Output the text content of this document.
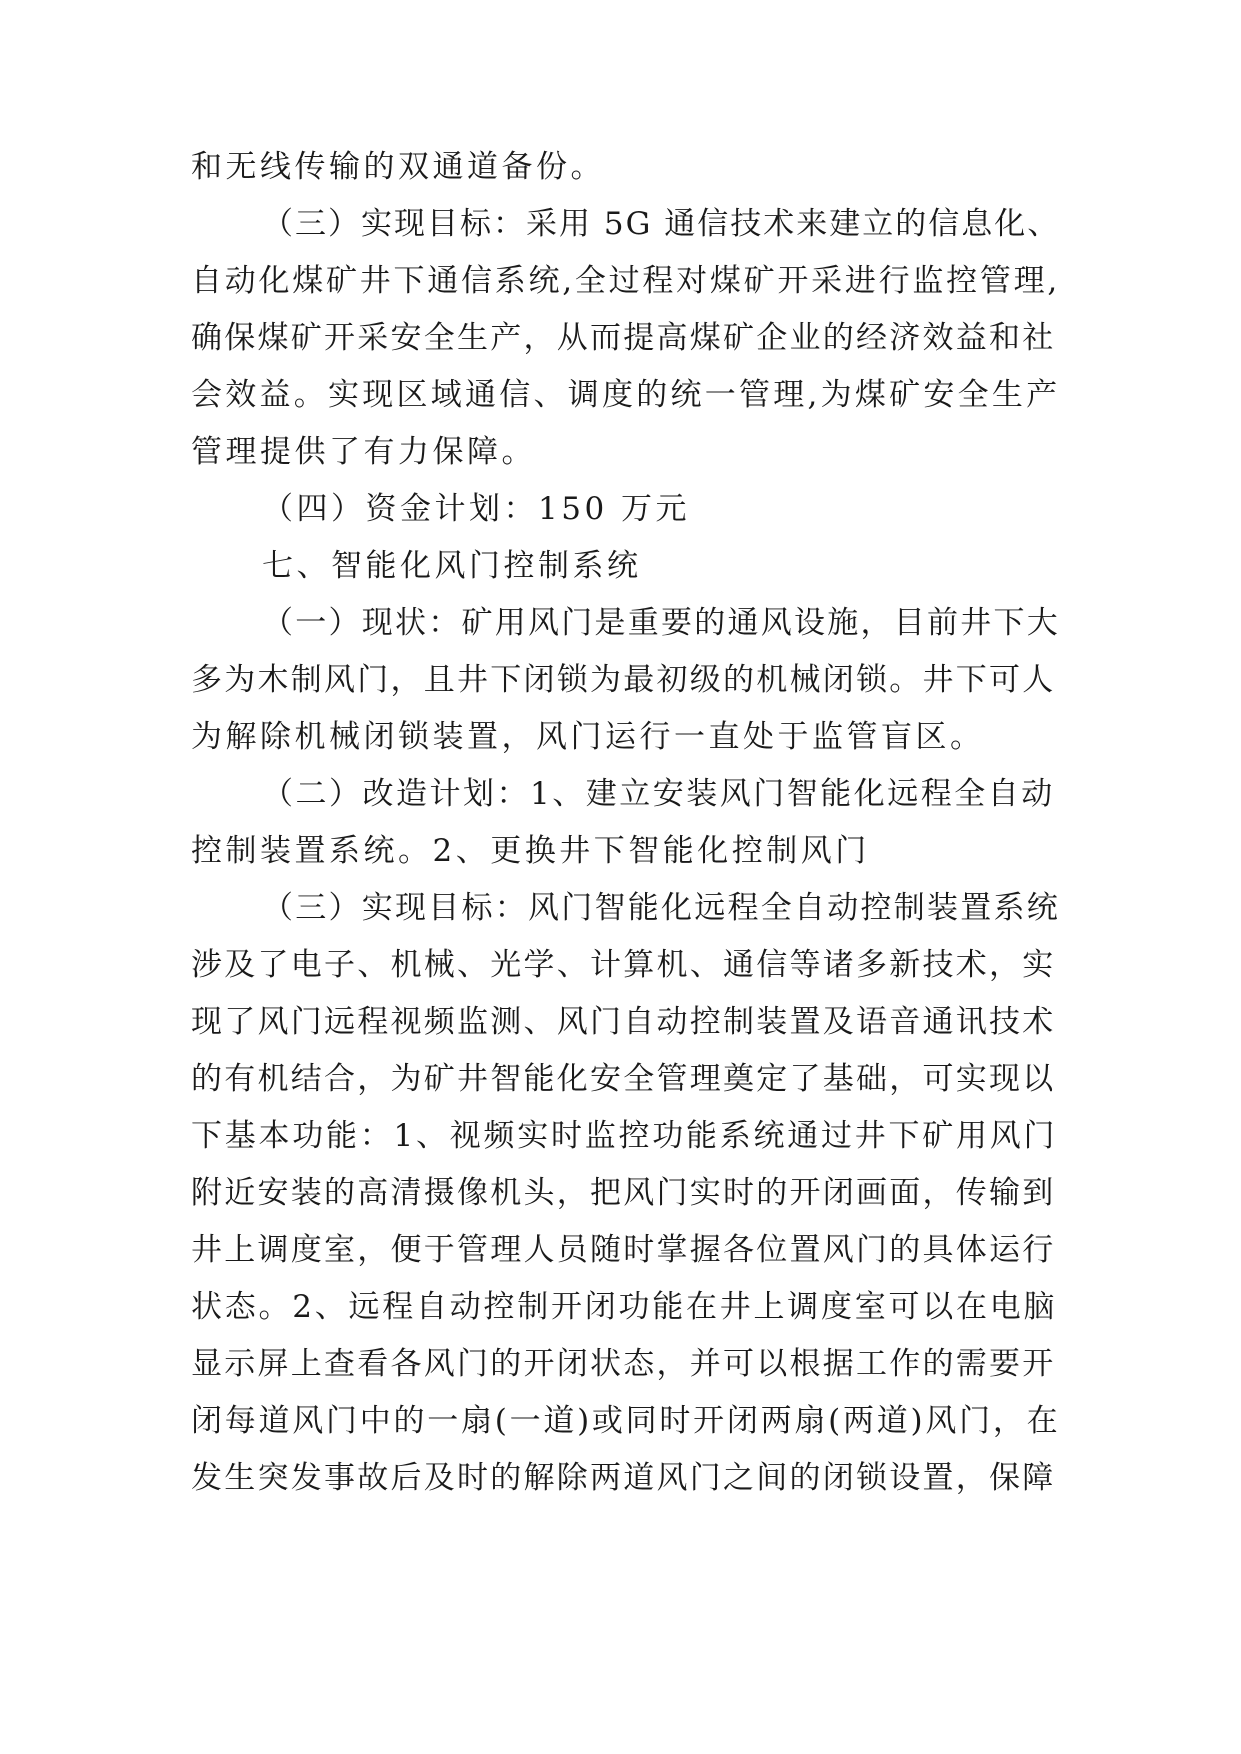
和无线传输的双通道备份。
（三）实现目标：采用 5G 通信技术来建立的信息化、
自动化煤矿井下通信系统,全过程对煤矿开采进行监控管理,
确保煤矿开采安全生产，从而提高煤矿企业的经济效益和社
会效益。实现区域通信、调度的统一管理,为煤矿安全生产
管理提供了有力保障。
（四）资金计划：150 万元
七、智能化风门控制系统
（一）现状：矿用风门是重要的通风设施，目前井下大
多为木制风门，且井下闭锁为最初级的机械闭锁。井下可人
为解除机械闭锁装置，风门运行一直处于监管盲区。
（二）改造计划：1、建立安装风门智能化远程全自动
控制装置系统。2、更换井下智能化控制风门
（三）实现目标：风门智能化远程全自动控制装置系统
涉及了电子、机械、光学、计算机、通信等诸多新技术，实
现了风门远程视频监测、风门自动控制装置及语音通讯技术
的有机结合，为矿井智能化安全管理奠定了基础，可实现以
下基本功能：1、视频实时监控功能系统通过井下矿用风门
附近安装的高清摄像机头，把风门实时的开闭画面，传输到
井上调度室，便于管理人员随时掌握各位置风门的具体运行
状态。2、远程自动控制开闭功能在井上调度室可以在电脑
显示屏上查看各风门的开闭状态，并可以根据工作的需要开
闭每道风门中的一扇(一道)或同时开闭两扇(两道)风门，在
发生突发事故后及时的解除两道风门之间的闭锁设置，保障
